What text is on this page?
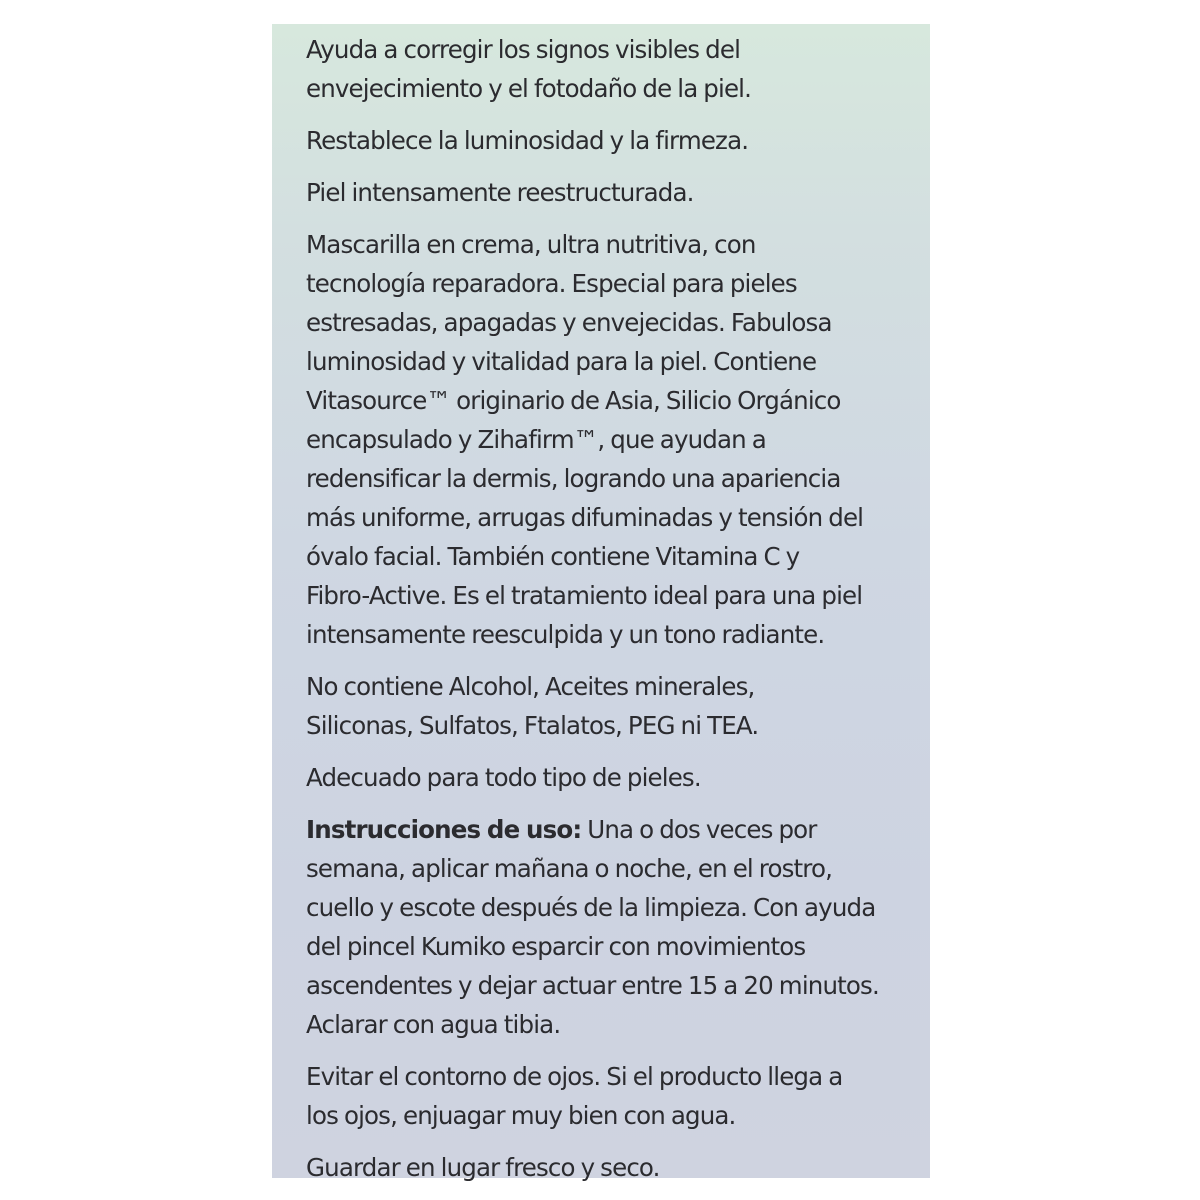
Ayuda a corregir los signos visibles del
envejecimiento y el fotodaño de la piel.

Restablece la luminosidad y la firmeza.

Piel intensamente reestructurada.

Mascarilla en crema, ultra nutritiva, con
tecnología reparadora. Especial para pieles
estresadas, apagadas y envejecidas. Fabulosa
luminosidad y vitalidad para la piel. Contiene
Vitasource™ originario de Asia, Silicio Orgánico
encapsulado y Zihafirm™, que ayudan a
redensificar la dermis, logrando una apariencia
más uniforme, arrugas difuminadas y tensión del
óvalo facial. También contiene Vitamina C y
Fibro-Active. Es el tratamiento ideal para una piel
intensamente reesculpida y un tono radiante.

No contiene Alcohol, Aceites minerales,
Siliconas, Sulfatos, Ftalatos, PEG ni TEA.

Adecuado para todo tipo de pieles.

Instrucciones de uso: Una o dos veces por
semana, aplicar mañana o noche, en el rostro,
cuello y escote después de la limpieza. Con ayuda
del pincel Kumiko esparcir con movimientos
ascendentes y dejar actuar entre 15 a 20 minutos.
Aclarar con agua tibia.

Evitar el contorno de ojos. Si el producto llega a
los ojos, enjuagar muy bien con agua.

Guardar en lugar fresco y seco.
